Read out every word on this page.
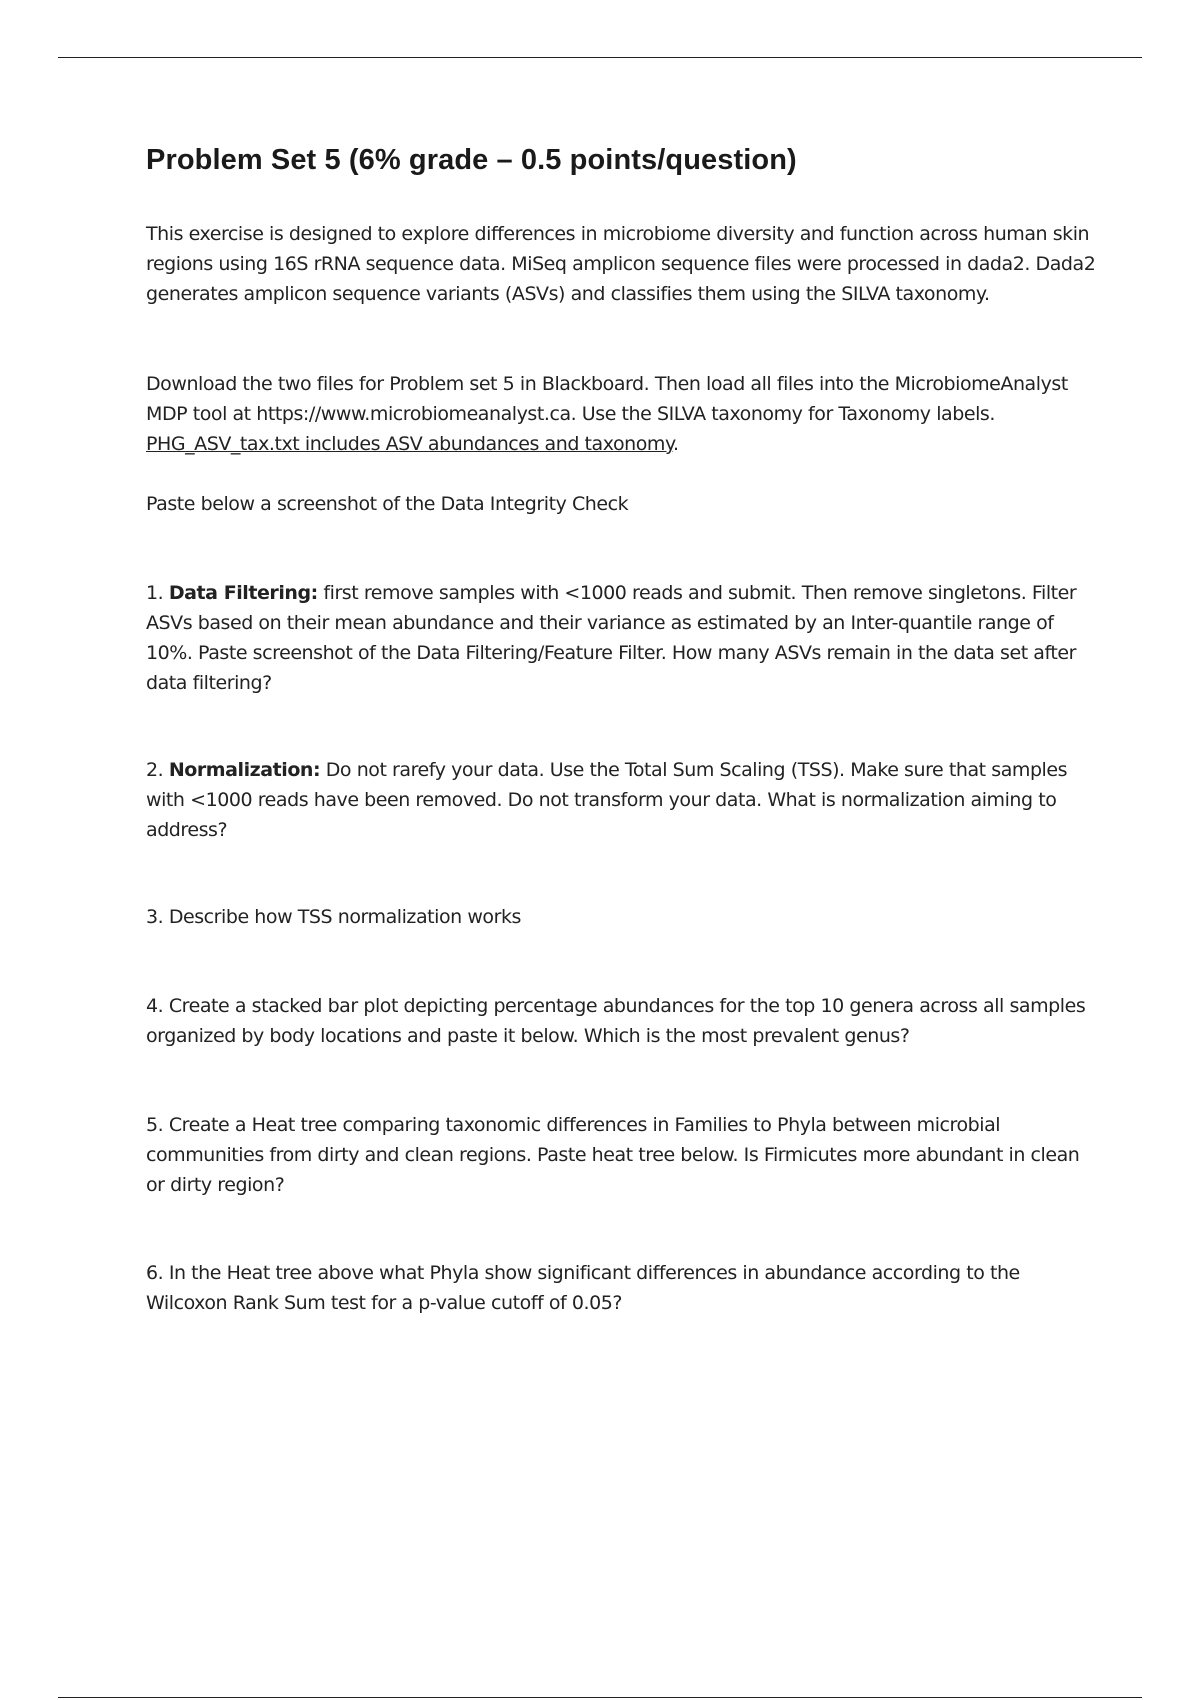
Problem Set 5 (6% grade – 0.5 points/question)

This exercise is designed to explore differences in microbiome diversity and function across human skin regions using 16S rRNA sequence data. MiSeq amplicon sequence files were processed in dada2. Dada2 generates amplicon sequence variants (ASVs) and classifies them using the SILVA taxonomy.

Download the two files for Problem set 5 in Blackboard. Then load all files into the MicrobiomeAnalyst MDP tool at https://www.microbiomeanalyst.ca. Use the SILVA taxonomy for Taxonomy labels. PHG_ASV_tax.txt includes ASV abundances and taxonomy.

Paste below a screenshot of the Data Integrity Check

1. Data Filtering: first remove samples with <1000 reads and submit. Then remove singletons. Filter ASVs based on their mean abundance and their variance as estimated by an Inter-quantile range of 10%. Paste screenshot of the Data Filtering/Feature Filter. How many ASVs remain in the data set after data filtering?

2. Normalization: Do not rarefy your data. Use the Total Sum Scaling (TSS). Make sure that samples with <1000 reads have been removed. Do not transform your data. What is normalization aiming to address?

3. Describe how TSS normalization works

4. Create a stacked bar plot depicting percentage abundances for the top 10 genera across all samples organized by body locations and paste it below. Which is the most prevalent genus?

5. Create a Heat tree comparing taxonomic differences in Families to Phyla between microbial communities from dirty and clean regions. Paste heat tree below. Is Firmicutes more abundant in clean or dirty region?

6. In the Heat tree above what Phyla show significant differences in abundance according to the Wilcoxon Rank Sum test for a p-value cutoff of 0.05?
